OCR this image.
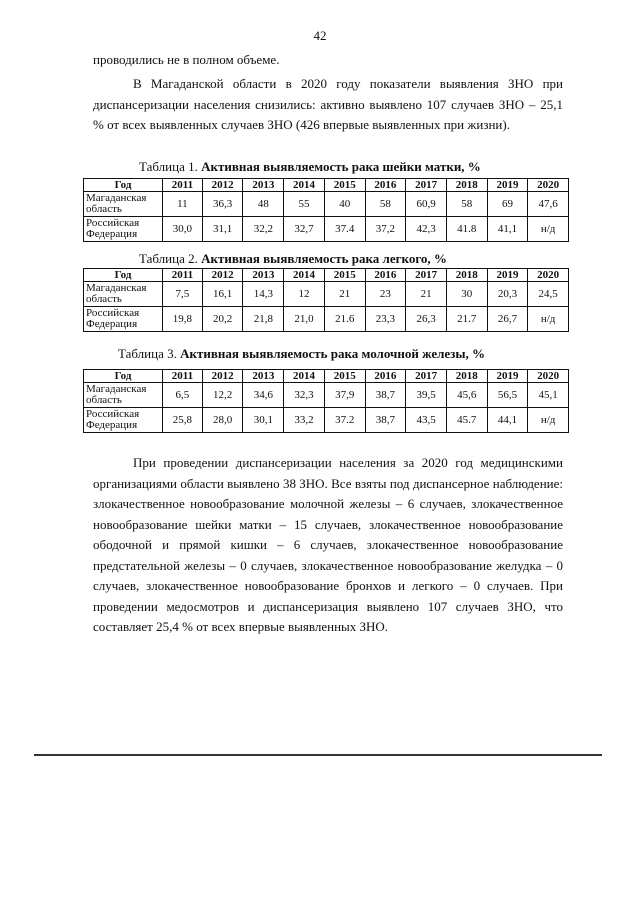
42

проводились не в полном объеме.

В Магаданской области в 2020 году показатели выявления ЗНО при диспансеризации населения снизились: активно выявлено 107 случаев ЗНО – 25,1 % от всех выявленных случаев ЗНО (426 впервые выявленных при жизни).

Таблица 1. Активная выявляемость рака шейки матки, %
Год	2011	2012	2013	2014	2015	2016	2017	2018	2019	2020
Магаданская область	11	36,3	48	55	40	58	60,9	58	69	47,6
Российская Федерация	30,0	31,1	32,2	32,7	37.4	37,2	42,3	41.8	41,1	н/д
Таблица 2. Активная выявляемость рака легкого, %
Год	2011	2012	2013	2014	2015	2016	2017	2018	2019	2020
Магаданская область	7,5	16,1	14,3	12	21	23	21	30	20,3	24,5
Российская Федерация	19,8	20,2	21,8	21,0	21.6	23,3	26,3	21.7	26,7	н/д
Таблица 3. Активная выявляемость рака молочной железы, %
Год	2011	2012	2013	2014	2015	2016	2017	2018	2019	2020
Магаданская область	6,5	12,2	34,6	32,3	37,9	38,7	39,5	45,6	56,5	45,1
Российская Федерация	25,8	28,0	30,1	33,2	37.2	38,7	43,5	45.7	44,1	н/д

При проведении диспансеризации населения за 2020 год медицинскими организациями области выявлено 38 ЗНО. Все взяты под диспансерное наблюдение: злокачественное новообразование молочной железы – 6 случаев, злокачественное новообразование шейки матки – 15 случаев, злокачественное новообразование ободочной и прямой кишки – 6 случаев, злокачественное новообразование предстательной железы – 0 случаев, злокачественное новообразование желудка – 0 случаев, злокачественное новообразование бронхов и легкого – 0 случаев. При проведении медосмотров и диспансеризация выявлено 107 случаев ЗНО, что составляет 25,4 % от всех впервые выявленных ЗНО.
